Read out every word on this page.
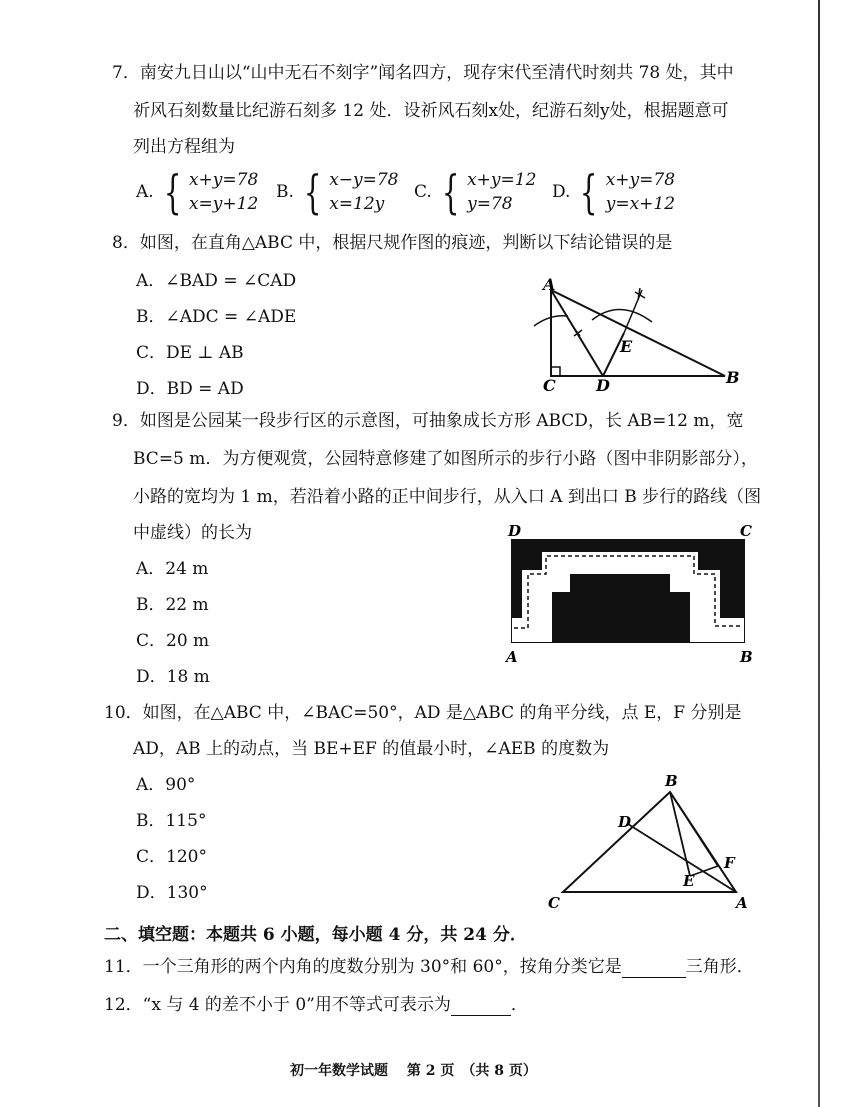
7．南安九日山以“山中无石不刻字”闻名四方，现存宋代至清代时刻共 78 处，其中
祈风石刻数量比纪游石刻多 12 处．设祈风石刻x处，纪游石刻y处，根据题意可
列出方程组为
A. { x+y=78
x=y+12
B. { x−y=78
x=12y
C. { x+y=12
y=78
D. { x+y=78
y=x+12
8．如图，在直角△ABC 中，根据尺规作图的痕迹，判断以下结论错误的是
A．∠BAD = ∠CAD
B．∠ADC = ∠ADE
C．DE ⊥ AB
D．BD = AD
A
B
C	D
E
9．如图是公园某一段步行区的示意图，可抽象成长方形 ABCD，长 AB=12 m，宽
BC=5 m．为方便观赏，公园特意修建了如图所示的步行小路（图中非阴影部分），
小路的宽均为 1 m，若沿着小路的正中间步行，从入口 A 到出口 B 步行的路线（图
中虚线）的长为
A．24 m
B．22 m
C．20 m
D．18 m
D	C
A	B
10．如图，在△ABC 中，∠BAC=50°，AD 是△ABC 的角平分线，点 E，F 分别是
AD，AB 上的动点，当 BE+EF 的值最小时，∠AEB 的度数为
A．90°
B．115°
C．120°
D．130°
B
D
F
E
C	A
二、填空题：本题共 6 小题，每小题 4 分，共 24 分．
11．一个三角形的两个内角的度数分别为 30°和 60°，按角分类它是	三角形．
12．“x 与 4 的差不小于 0”用不等式可表示为	．
初一年数学试题　 第 2 页　（共 8 页）
